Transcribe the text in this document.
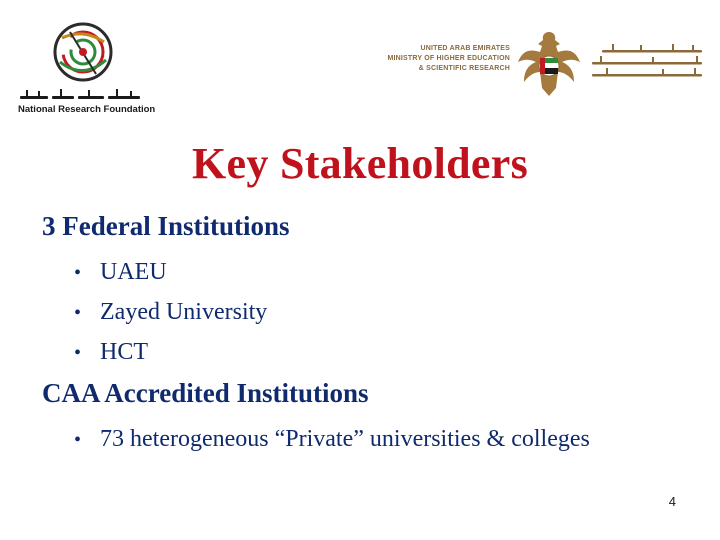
National Research Foundation
UNITED ARAB EMIRATES
MINISTRY OF HIGHER EDUCATION
& SCIENTIFIC RESEARCH
Key Stakeholders
3 Federal Institutions
• UAEU
• Zayed University
• HCT
CAA Accredited Institutions
• 73 heterogeneous “Private” universities & colleges
4
